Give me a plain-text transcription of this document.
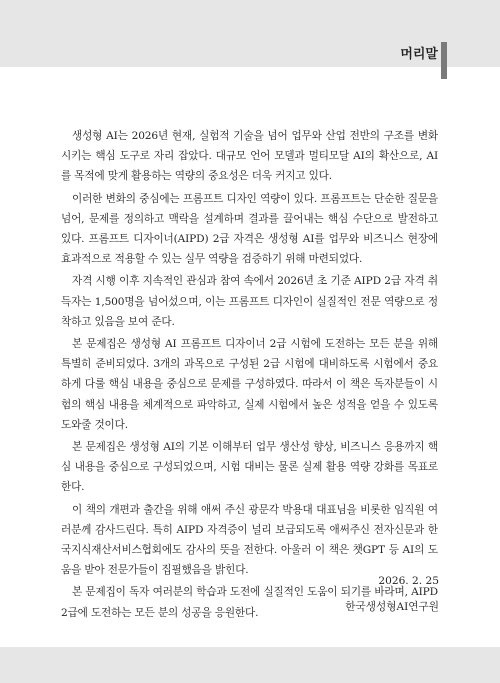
머리말

생성형 AI는 2026년 현재, 실험적 기술을 넘어 업무와 산업 전반의 구조를 변화시키는 핵심 도구로 자리 잡았다. 대규모 언어 모델과 멀티모달 AI의 확산으로, AI를 목적에 맞게 활용하는 역량의 중요성은 더욱 커지고 있다.

이러한 변화의 중심에는 프롬프트 디자인 역량이 있다. 프롬프트는 단순한 질문을 넘어, 문제를 정의하고 맥락을 설계하며 결과를 끌어내는 핵심 수단으로 발전하고 있다. 프롬프트 디자이너(AIPD) 2급 자격은 생성형 AI를 업무와 비즈니스 현장에 효과적으로 적용할 수 있는 실무 역량을 검증하기 위해 마련되었다.

자격 시행 이후 지속적인 관심과 참여 속에서 2026년 초 기준 AIPD 2급 자격 취득자는 1,500명을 넘어섰으며, 이는 프롬프트 디자인이 실질적인 전문 역량으로 정착하고 있음을 보여 준다.

본 문제집은 생성형 AI 프롬프트 디자이너 2급 시험에 도전하는 모든 분을 위해 특별히 준비되었다. 3개의 과목으로 구성된 2급 시험에 대비하도록 시험에서 중요하게 다룰 핵심 내용을 중심으로 문제를 구성하였다. 따라서 이 책은 독자분들이 시험의 핵심 내용을 체계적으로 파악하고, 실제 시험에서 높은 성적을 얻을 수 있도록 도와줄 것이다.

본 문제집은 생성형 AI의 기본 이해부터 업무 생산성 향상, 비즈니스 응용까지 핵심 내용을 중심으로 구성되었으며, 시험 대비는 물론 실제 활용 역량 강화를 목표로 한다.

이 책의 개편과 출간을 위해 애써 주신 광문각 박용대 대표님을 비롯한 임직원 여러분께 감사드린다. 특히 AIPD 자격증이 널리 보급되도록 애써주신 전자신문과 한국지식재산서비스협회에도 감사의 뜻을 전한다. 아울러 이 책은 챗GPT 등 AI의 도움을 받아 전문가들이 집필했음을 밝힌다.

본 문제집이 독자 여러분의 학습과 도전에 실질적인 도움이 되기를 바라며, AIPD 2급에 도전하는 모든 분의 성공을 응원한다.

2026. 2. 25
한국생성형AI연구원
